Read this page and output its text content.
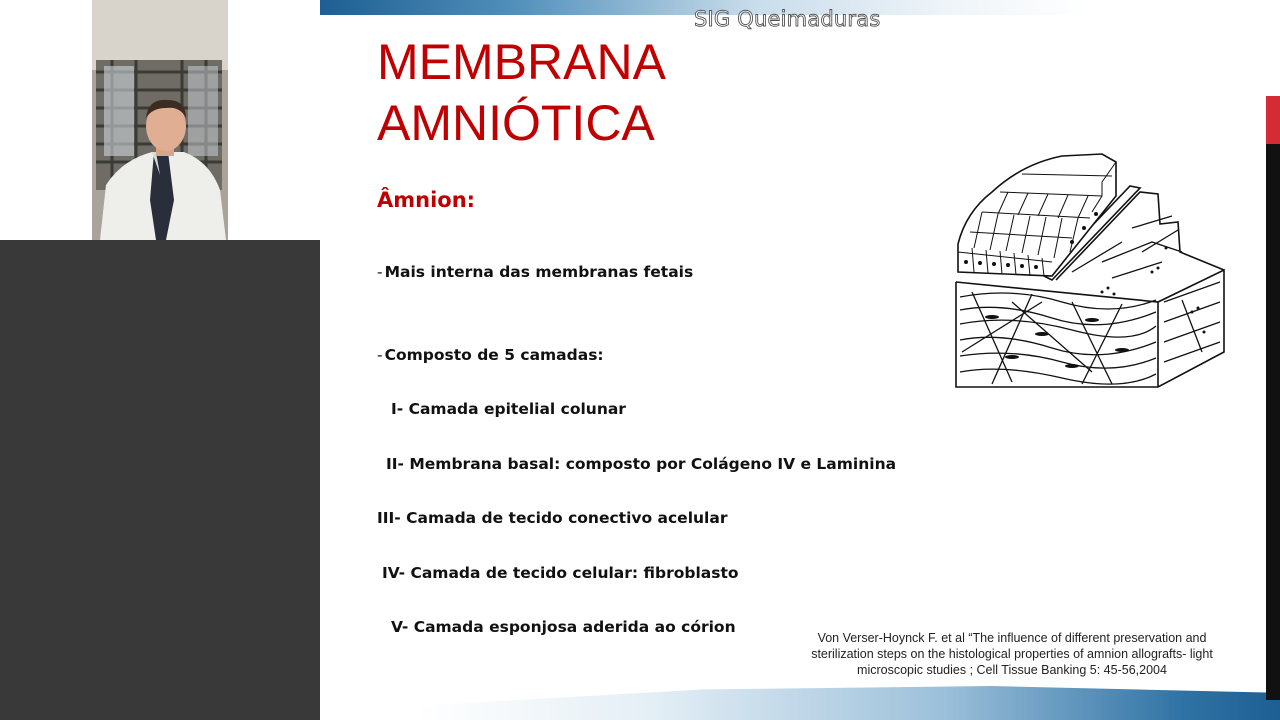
SIG Queimaduras
MEMBRANA
AMNIÓTICA
Âmnion:
- Mais interna das membranas fetais
- Composto de 5 camadas:
I- Camada epitelial colunar
II- Membrana basal: composto por Colágeno IV e Laminina
III- Camada de tecido conectivo acelular
IV- Camada de tecido celular: fibroblasto
V- Camada esponjosa aderida ao córion
Von Verser-Hoynck F. et al “The influence of different preservation and sterilization steps on the histological properties of amnion allografts- light microscopic studies ; Cell Tissue Banking 5: 45-56,2004
